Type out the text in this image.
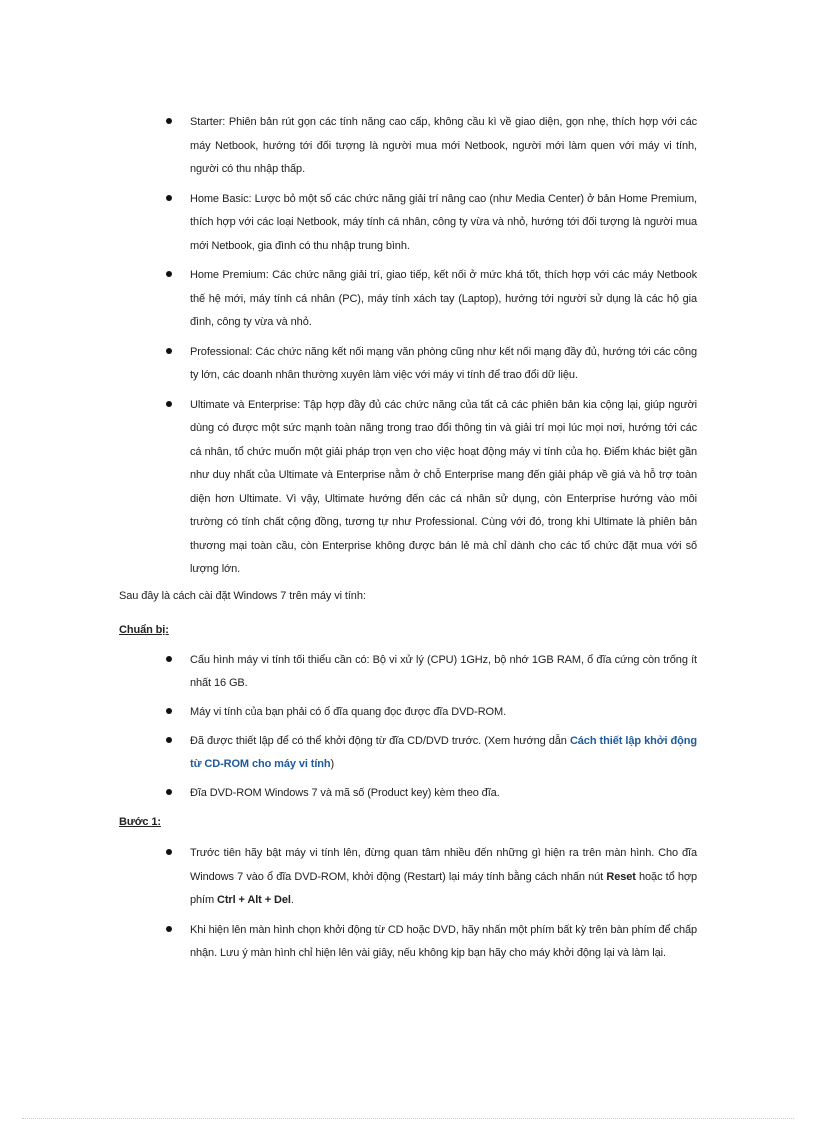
Starter: Phiên bản rút gọn các tính năng cao cấp, không cầu kì về giao diện, gọn nhẹ, thích hợp với các máy Netbook, hướng tới đối tượng là người mua mới Netbook, người mới làm quen với máy vi tính, người có thu nhập thấp.
Home Basic: Lược bỏ một số các chức năng giải trí nâng cao (như Media Center) ở bản Home Premium, thích hợp với các loại Netbook, máy tính cá nhân, công ty vừa và nhỏ, hướng tới đối tượng là người mua mới Netbook, gia đình có thu nhập trung bình.
Home Premium: Các chức năng giải trí, giao tiếp, kết nối ở mức khá tốt, thích hợp với các máy Netbook thế hệ mới, máy tính cá nhân (PC), máy tính xách tay (Laptop), hướng tới người sử dụng là các hộ gia đình, công ty vừa và nhỏ.
Professional: Các chức năng kết nối mạng văn phòng cũng như kết nối mạng đầy đủ, hướng tới các công ty lớn, các doanh nhân thường xuyên làm việc với máy vi tính để trao đổi dữ liệu.
Ultimate và Enterprise: Tập hợp đầy đủ các chức năng của tất cả các phiên bản kia cộng lại, giúp người dùng có được một sức mạnh toàn năng trong trao đổi thông tin và giải trí mọi lúc mọi nơi, hướng tới các cá nhân, tổ chức muốn một giải pháp trọn vẹn cho việc hoạt động máy vi tính của họ. Điểm khác biệt gần như duy nhất của Ultimate và Enterprise nằm ở chỗ Enterprise mang đến giải pháp về giá và hỗ trợ toàn diện hơn Ultimate. Vì vậy, Ultimate hướng đến các cá nhân sử dụng, còn Enterprise hướng vào môi trường có tính chất cộng đồng, tương tự như Professional. Cùng với đó, trong khi Ultimate là phiên bản thương mại toàn cầu, còn Enterprise không được bán lẻ mà chỉ dành cho các tổ chức đặt mua với số lượng lớn.

Sau đây là cách cài đặt Windows 7 trên máy vi tính:

Chuẩn bị:

Cấu hình máy vi tính tối thiểu cần có: Bộ vi xử lý (CPU) 1GHz, bộ nhớ 1GB RAM, ổ đĩa cứng còn trống ít nhất 16 GB.
Máy vi tính của bạn phải có ổ đĩa quang đọc được đĩa DVD-ROM.
Đã được thiết lập để có thể khởi động từ đĩa CD/DVD trước. (Xem hướng dẫn Cách thiết lập khởi động từ CD-ROM cho máy vi tính)
Đĩa DVD-ROM Windows 7 và mã số (Product key) kèm theo đĩa.

Bước 1:

Trước tiên hãy bật máy vi tính lên, đừng quan tâm nhiều đến những gì hiện ra trên màn hình. Cho đĩa Windows 7 vào ổ đĩa DVD-ROM, khởi động (Restart) lại máy tính bằng cách nhấn nút Reset hoặc tổ hợp phím Ctrl + Alt + Del.
Khi hiện lên màn hình chọn khởi động từ CD hoặc DVD, hãy nhấn một phím bất kỳ trên bàn phím để chấp nhận. Lưu ý màn hình chỉ hiện lên vài giây, nếu không kịp bạn hãy cho máy khởi động lại và làm lại.
